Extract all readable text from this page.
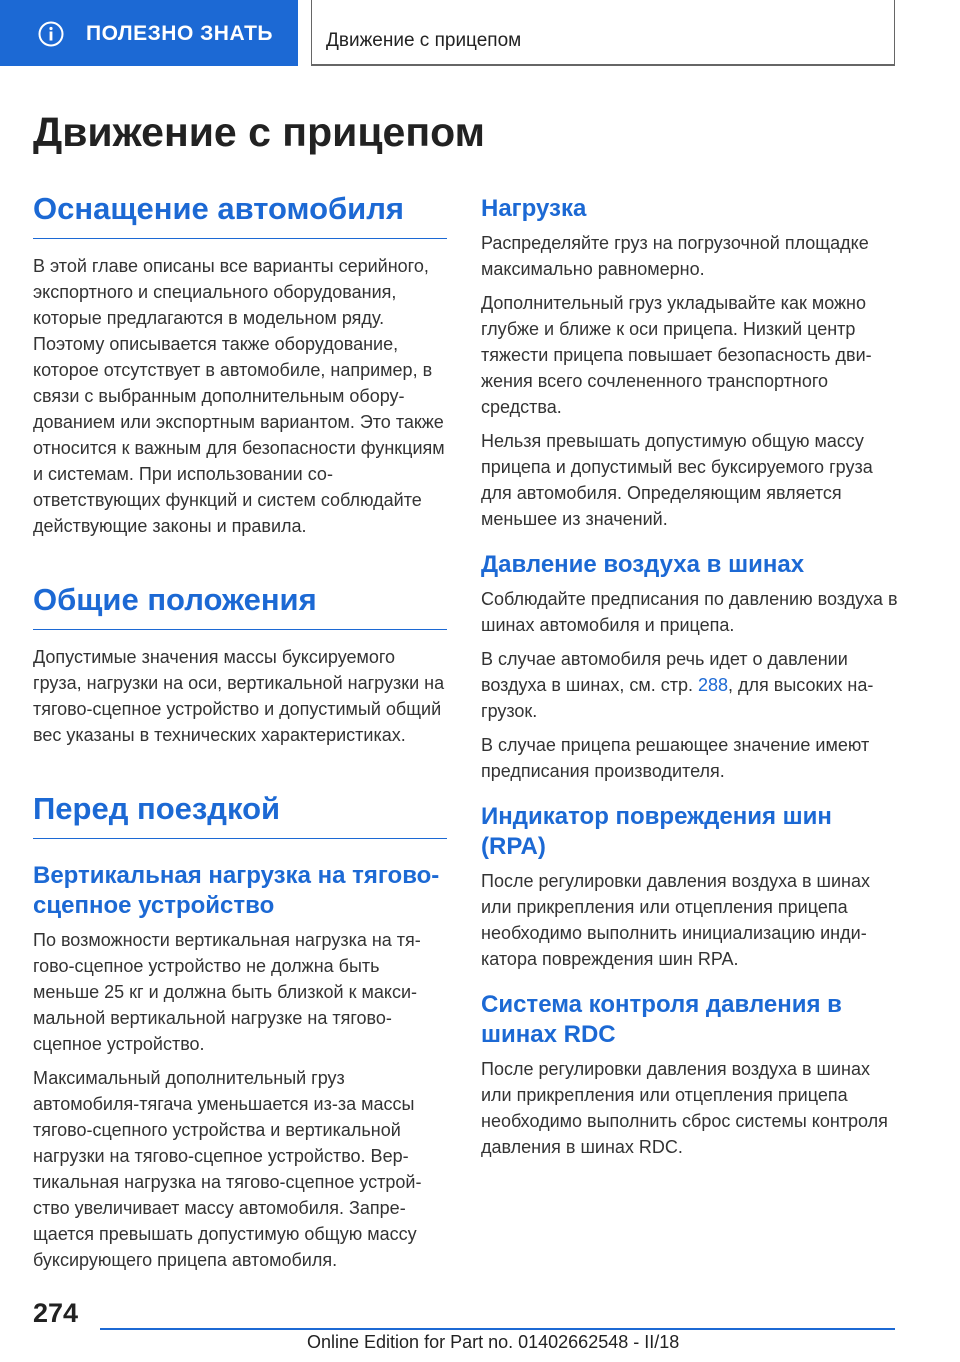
ПОЛЕЗНО ЗНАТЬ	Движение с прицепом
Движение с прицепом
Оснащение автомобиля

В этой главе описаны все варианты серийного, экспортного и специального оборудования, которые предлагаются в модельном ряду. Поэтому описывается также оборудование, которое отсутствует в автомобиле, например, в связи с выбранным дополнительным оборудованием или экспортным вариантом. Это также относится к важным для безопасности функциям и системам. При использовании соответствующих функций и систем соблюдайте действующие законы и правила.

Общие положения

Допустимые значения массы буксируемого груза, нагрузки на оси, вертикальной нагрузки на тягово-сцепное устройство и допустимый общий вес указаны в технических характеристиках.

Перед поездкой
Вертикальная нагрузка на тягово-сцепное устройство

По возможности вертикальная нагрузка на тягово-сцепное устройство не должна быть меньше 25 кг и должна быть близкой к максимальной вертикальной нагрузке на тягово-сцепное устройство.

Максимальный дополнительный груз автомобиля-тягача уменьшается из-за массы тягово-сцепного устройства и вертикальной нагрузки на тягово-сцепное устройство. Вертикальная нагрузка на тягово-сцепное устройство увеличивает массу автомобиля. Запрещается превышать допустимую общую массу буксирующего прицепа автомобиля.

Нагрузка

Распределяйте груз на погрузочной площадке максимально равномерно.

Дополнительный груз укладывайте как можно глубже и ближе к оси прицепа. Низкий центр тяжести прицепа повышает безопасность движения всего сочлененного транспортного средства.

Нельзя превышать допустимую общую массу прицепа и допустимый вес буксируемого груза для автомобиля. Определяющим является меньшее из значений.

Давление воздуха в шинах

Соблюдайте предписания по давлению воздуха в шинах автомобиля и прицепа.

В случае автомобиля речь идет о давлении воздуха в шинах, см. стр. 288, для высоких нагрузок.

В случае прицепа решающее значение имеют предписания производителя.

Индикатор повреждения шин (RPA)

После регулировки давления воздуха в шинах или прикрепления или отцепления прицепа необходимо выполнить инициализацию индикатора повреждения шин RPA.

Система контроля давления в шинах RDC

После регулировки давления воздуха в шинах или прикрепления или отцепления прицепа необходимо выполнить сброс системы контроля давления в шинах RDC.

274
Online Edition for Part no. 01402662548 - II/18
